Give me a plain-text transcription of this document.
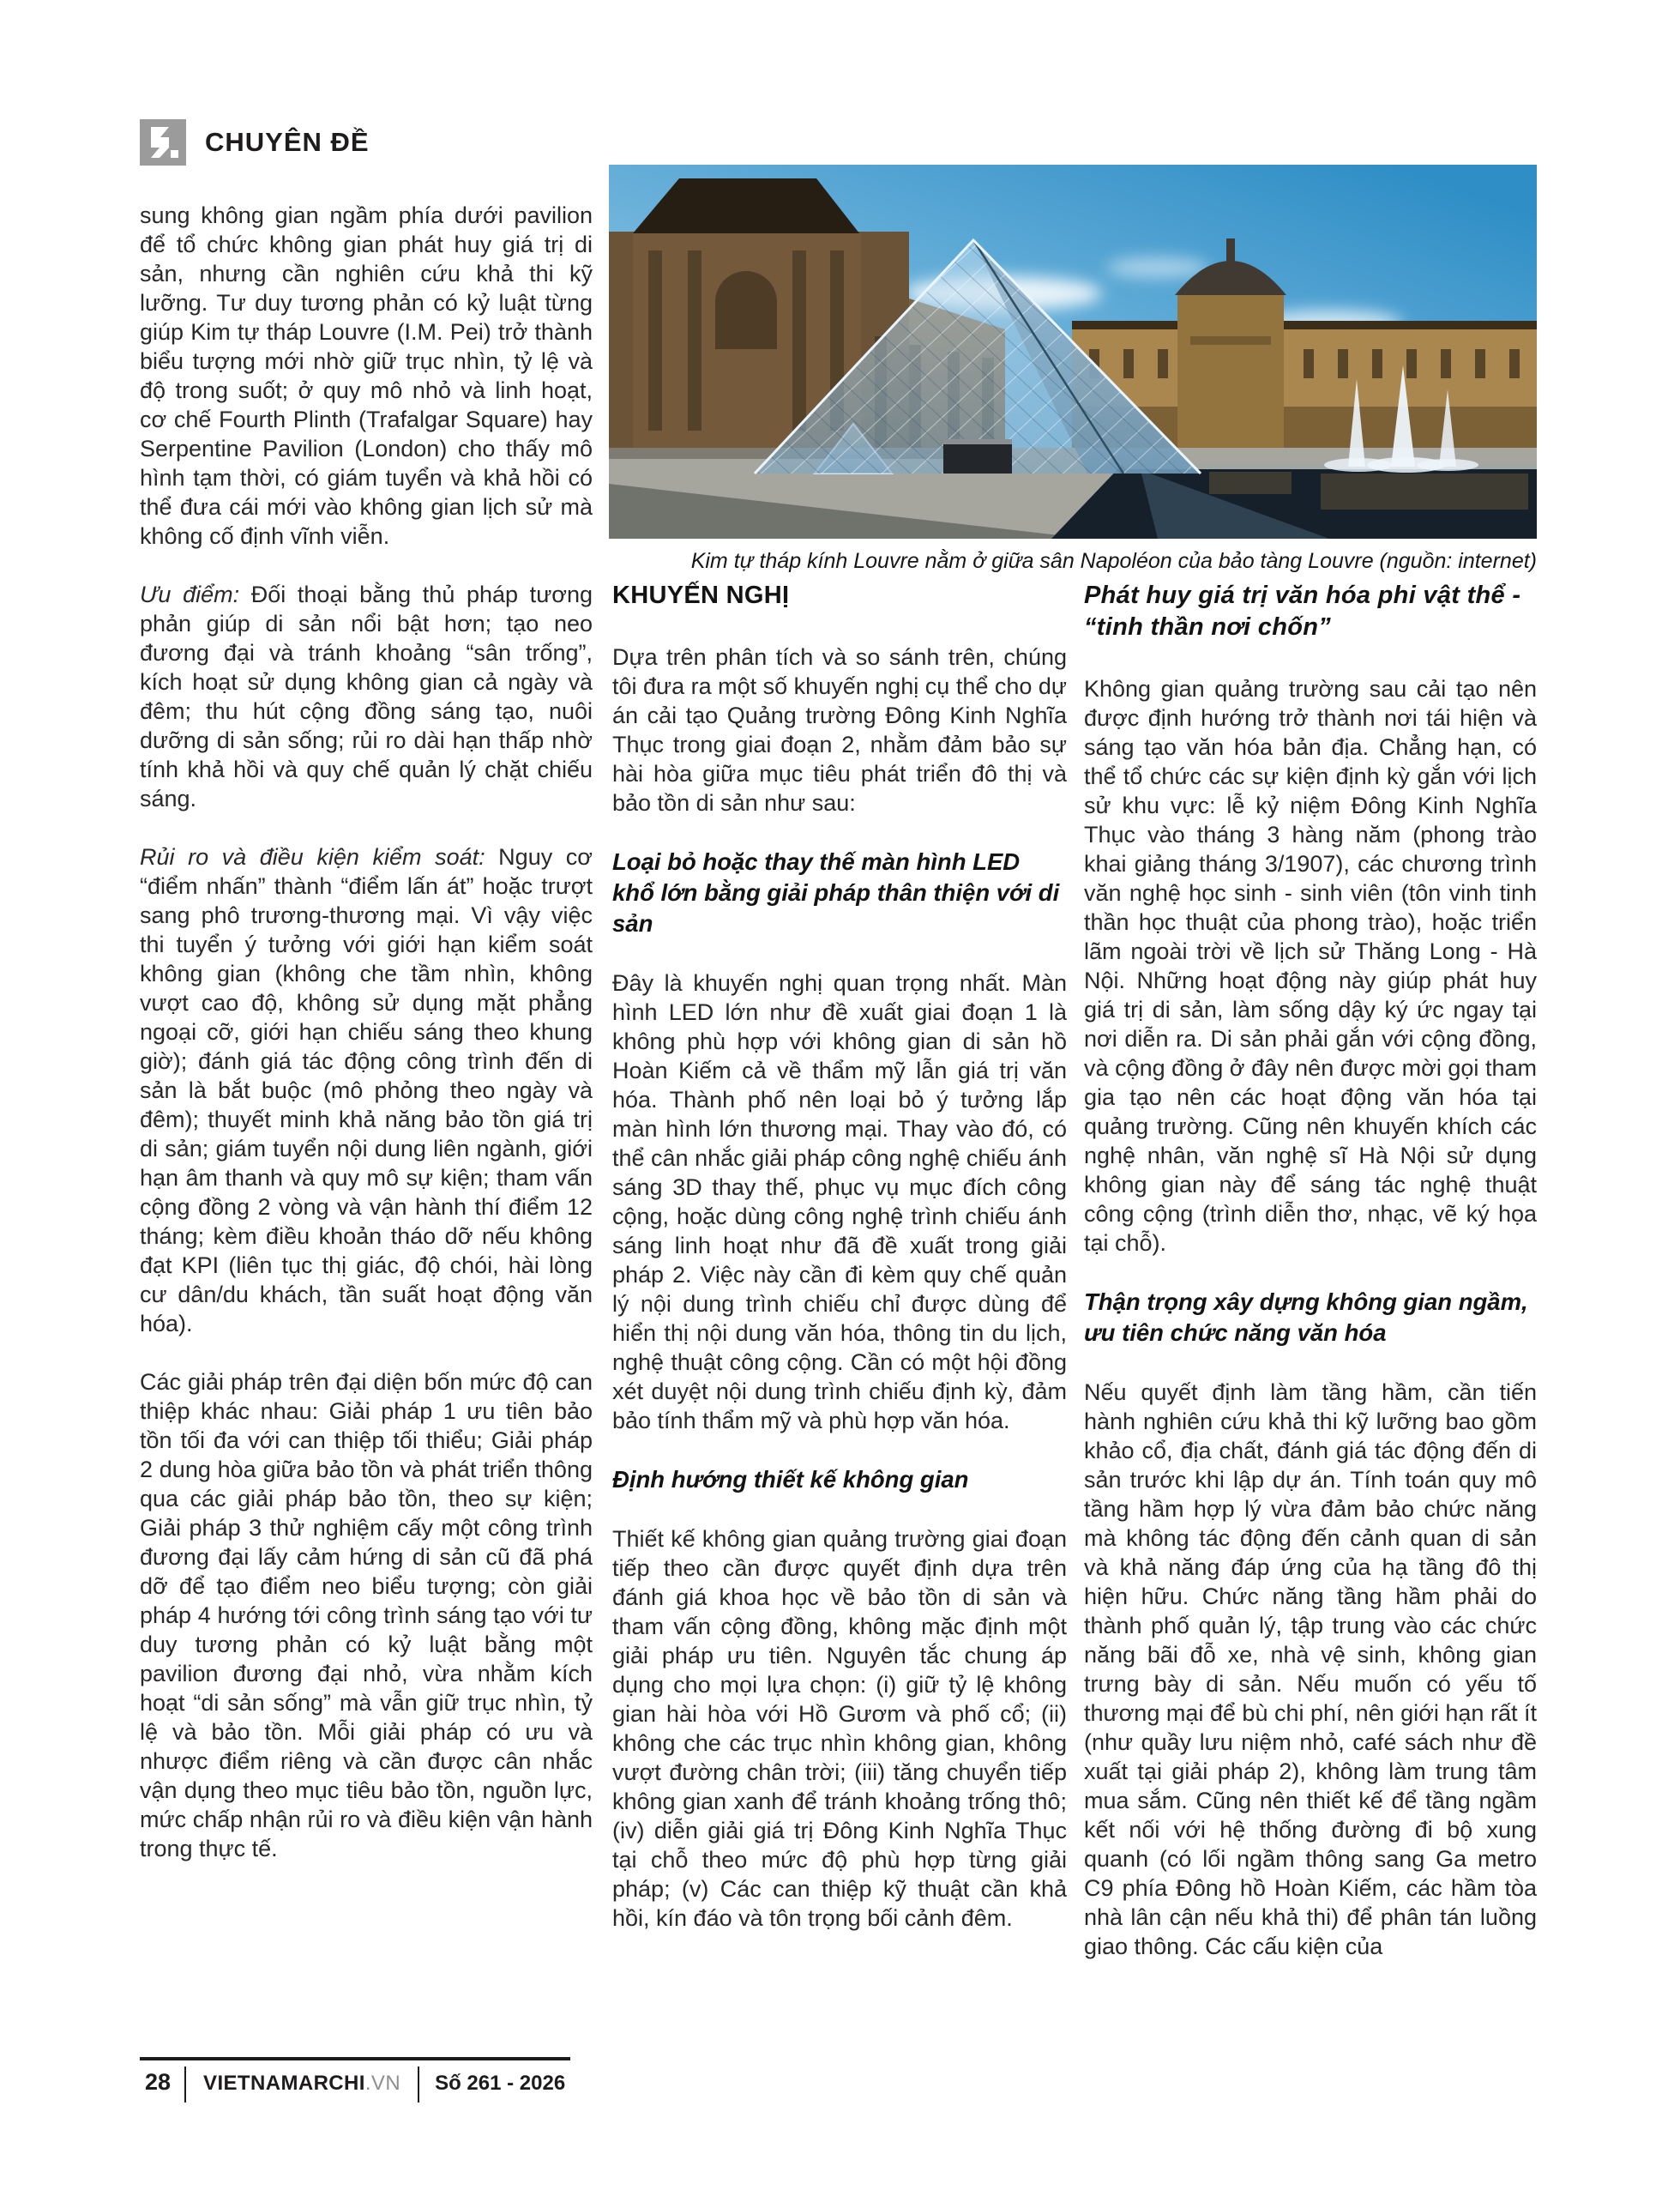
CHUYÊN ĐỀ
Kim tự tháp kính Louvre nằm ở giữa sân Napoléon của bảo tàng Louvre (nguồn: internet)

sung không gian ngầm phía dưới pavilion để tổ chức không gian phát huy giá trị di sản, nhưng cần nghiên cứu khả thi kỹ lưỡng. Tư duy tương phản có kỷ luật từng giúp Kim tự tháp Louvre (I.M. Pei) trở thành biểu tượng mới nhờ giữ trục nhìn, tỷ lệ và độ trong suốt; ở quy mô nhỏ và linh hoạt, cơ chế Fourth Plinth (Trafalgar Square) hay Serpentine Pavilion (London) cho thấy mô hình tạm thời, có giám tuyển và khả hồi có thể đưa cái mới vào không gian lịch sử mà không cố định vĩnh viễn.

Ưu điểm: Đối thoại bằng thủ pháp tương phản giúp di sản nổi bật hơn; tạo neo đương đại và tránh khoảng “sân trống”, kích hoạt sử dụng không gian cả ngày và đêm; thu hút cộng đồng sáng tạo, nuôi dưỡng di sản sống; rủi ro dài hạn thấp nhờ tính khả hồi và quy chế quản lý chặt chiếu sáng.

Rủi ro và điều kiện kiểm soát: Nguy cơ “điểm nhấn” thành “điểm lấn át” hoặc trượt sang phô trương-thương mại. Vì vậy việc thi tuyển ý tưởng với giới hạn kiểm soát không gian (không che tầm nhìn, không vượt cao độ, không sử dụng mặt phẳng ngoại cỡ, giới hạn chiếu sáng theo khung giờ); đánh giá tác động công trình đến di sản là bắt buộc (mô phỏng theo ngày và đêm); thuyết minh khả năng bảo tồn giá trị di sản; giám tuyển nội dung liên ngành, giới hạn âm thanh và quy mô sự kiện; tham vấn cộng đồng 2 vòng và vận hành thí điểm 12 tháng; kèm điều khoản tháo dỡ nếu không đạt KPI (liên tục thị giác, độ chói, hài lòng cư dân/du khách, tần suất hoạt động văn hóa).

Các giải pháp trên đại diện bốn mức độ can thiệp khác nhau: Giải pháp 1 ưu tiên bảo tồn tối đa với can thiệp tối thiểu; Giải pháp 2 dung hòa giữa bảo tồn và phát triển thông qua các giải pháp bảo tồn, theo sự kiện; Giải pháp 3 thử nghiệm cấy một công trình đương đại lấy cảm hứng di sản cũ đã phá dỡ để tạo điểm neo biểu tượng; còn giải pháp 4 hướng tới công trình sáng tạo với tư duy tương phản có kỷ luật bằng một pavilion đương đại nhỏ, vừa nhằm kích hoạt “di sản sống” mà vẫn giữ trục nhìn, tỷ lệ và bảo tồn. Mỗi giải pháp có ưu và nhược điểm riêng và cần được cân nhắc vận dụng theo mục tiêu bảo tồn, nguồn lực, mức chấp nhận rủi ro và điều kiện vận hành trong thực tế.

KHUYẾN NGHỊ

Dựa trên phân tích và so sánh trên, chúng tôi đưa ra một số khuyến nghị cụ thể cho dự án cải tạo Quảng trường Đông Kinh Nghĩa Thục trong giai đoạn 2, nhằm đảm bảo sự hài hòa giữa mục tiêu phát triển đô thị và bảo tồn di sản như sau:

Loại bỏ hoặc thay thế màn hình LED khổ lớn bằng giải pháp thân thiện với di sản

Đây là khuyến nghị quan trọng nhất. Màn hình LED lớn như đề xuất giai đoạn 1 là không phù hợp với không gian di sản hồ Hoàn Kiếm cả về thẩm mỹ lẫn giá trị văn hóa. Thành phố nên loại bỏ ý tưởng lắp màn hình lớn thương mại. Thay vào đó, có thể cân nhắc giải pháp công nghệ chiếu ánh sáng 3D thay thế, phục vụ mục đích công cộng, hoặc dùng công nghệ trình chiếu ánh sáng linh hoạt như đã đề xuất trong giải pháp 2. Việc này cần đi kèm quy chế quản lý nội dung trình chiếu chỉ được dùng để hiển thị nội dung văn hóa, thông tin du lịch, nghệ thuật công cộng. Cần có một hội đồng xét duyệt nội dung trình chiếu định kỳ, đảm bảo tính thẩm mỹ và phù hợp văn hóa.

Định hướng thiết kế không gian

Thiết kế không gian quảng trường giai đoạn tiếp theo cần được quyết định dựa trên đánh giá khoa học về bảo tồn di sản và tham vấn cộng đồng, không mặc định một giải pháp ưu tiên. Nguyên tắc chung áp dụng cho mọi lựa chọn: (i) giữ tỷ lệ không gian hài hòa với Hồ Gươm và phố cổ; (ii) không che các trục nhìn không gian, không vượt đường chân trời; (iii) tăng chuyển tiếp không gian xanh để tránh khoảng trống thô; (iv) diễn giải giá trị Đông Kinh Nghĩa Thục tại chỗ theo mức độ phù hợp từng giải pháp; (v) Các can thiệp kỹ thuật cần khả hồi, kín đáo và tôn trọng bối cảnh đêm.

Phát huy giá trị văn hóa phi vật thể - “tinh thần nơi chốn”

Không gian quảng trường sau cải tạo nên được định hướng trở thành nơi tái hiện và sáng tạo văn hóa bản địa. Chẳng hạn, có thể tổ chức các sự kiện định kỳ gắn với lịch sử khu vực: lễ kỷ niệm Đông Kinh Nghĩa Thục vào tháng 3 hàng năm (phong trào khai giảng tháng 3/1907), các chương trình văn nghệ học sinh - sinh viên (tôn vinh tinh thần học thuật của phong trào), hoặc triển lãm ngoài trời về lịch sử Thăng Long - Hà Nội. Những hoạt động này giúp phát huy giá trị di sản, làm sống dậy ký ức ngay tại nơi diễn ra. Di sản phải gắn với cộng đồng, và cộng đồng ở đây nên được mời gọi tham gia tạo nên các hoạt động văn hóa tại quảng trường. Cũng nên khuyến khích các nghệ nhân, văn nghệ sĩ Hà Nội sử dụng không gian này để sáng tác nghệ thuật công cộng (trình diễn thơ, nhạc, vẽ ký họa tại chỗ).

Thận trọng xây dựng không gian ngầm, ưu tiên chức năng văn hóa

Nếu quyết định làm tầng hầm, cần tiến hành nghiên cứu khả thi kỹ lưỡng bao gồm khảo cổ, địa chất, đánh giá tác động đến di sản trước khi lập dự án. Tính toán quy mô tầng hầm hợp lý vừa đảm bảo chức năng mà không tác động đến cảnh quan di sản và khả năng đáp ứng của hạ tầng đô thị hiện hữu. Chức năng tầng hầm phải do thành phố quản lý, tập trung vào các chức năng bãi đỗ xe, nhà vệ sinh, không gian trưng bày di sản. Nếu muốn có yếu tố thương mại để bù chi phí, nên giới hạn rất ít (như quầy lưu niệm nhỏ, café sách như đề xuất tại giải pháp 2), không làm trung tâm mua sắm. Cũng nên thiết kế để tầng ngầm kết nối với hệ thống đường đi bộ xung quanh (có lối ngầm thông sang Ga metro C9 phía Đông hồ Hoàn Kiếm, các hầm tòa nhà lân cận nếu khả thi) để phân tán luồng giao thông. Các cấu kiện của

28	VIETNAMARCHI.VN	Số 261 - 2026
